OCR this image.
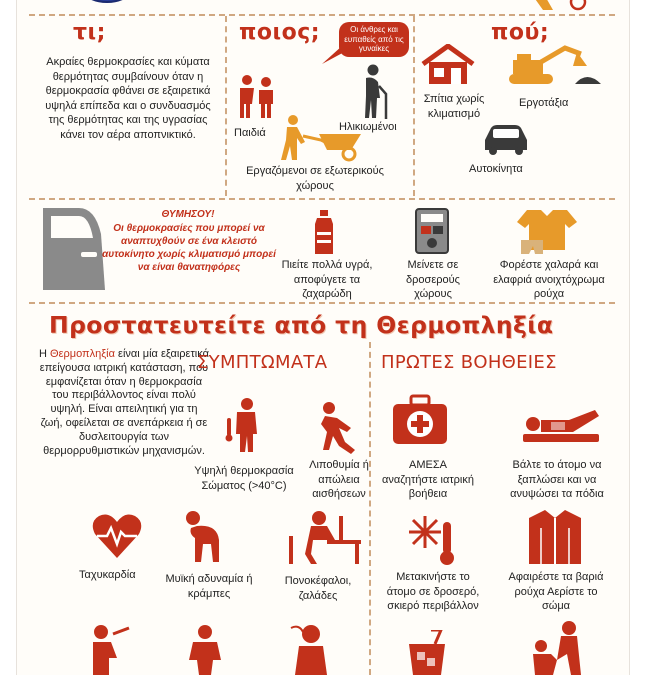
τι;
Ακραίες θερμοκρασίες και κύματα θερμότητας συμβαίνουν όταν η θερμοκρασία φθάνει σε εξαιρετικά υψηλά επίπεδα και ο συνδυασμός της θερμότητας και της υγρασίας κάνει τον αέρα αποπνικτικό.
ποιος;	Οι άνθρες και ευπαθείς από τις γυναίκες
Παιδιά	Ηλικιωμένοι
Εργαζόμενοι σε εξωτερικούς χώρους
πού;
Σπίτια χωρίς κλιματισμό
Εργοτάξια
Αυτοκίνητα
ΘΥΜΗΣΟΥ!
Οι θερμοκρασίες που μπορεί να αναπτυχθούν σε ένα κλειστό αυτοκίνητο χωρίς κλιματισμό μπορεί να είναι θανατηφόρες	Πιείτε πολλά υγρά, αποφύγετε τα ζαχαρώδη
Μείνετε σε δροσερούς χώρους
Φορέστε χαλαρά και ελαφριά ανοιχτόχρωμα ρούχα
Προστατευτείτε από τη Θερμοπληξία
Η Θερμοπληξία είναι μία εξαιρετικά επείγουσα ιατρική κατάσταση, που εμφανίζεται όταν η θερμοκρασία του περιβάλλοντος είναι πολύ υψηλή. Είναι απειλητική για τη ζωή, οφείλεται σε ανεπάρκεια ή σε δυσλειτουργία των θερμορρυθμιστικών μηχανισμών.
ΣΥΜΠΤΩΜΑΤΑ
Υψηλή θερμοκρασία Σώματος (>40°C)
Λιποθυμία ή απώλεια αισθήσεων
Ταχυκαρδία	Μυϊκή αδυναμία ή κράμπες
Πονοκέφαλοι, ζαλάδες
ΠΡΩΤΕΣ ΒΟΗΘΕΙΕΣ
ΑΜΕΣΑ αναζητήστε ιατρική βοήθεια
Βάλτε το άτομο να ξαπλώσει και να ανυψώσει τα πόδια
Μετακινήστε το άτομο σε δροσερό, σκιερό περιβάλλον
Αφαιρέστε τα βαριά ρούχα Αερίστε το σώμα
